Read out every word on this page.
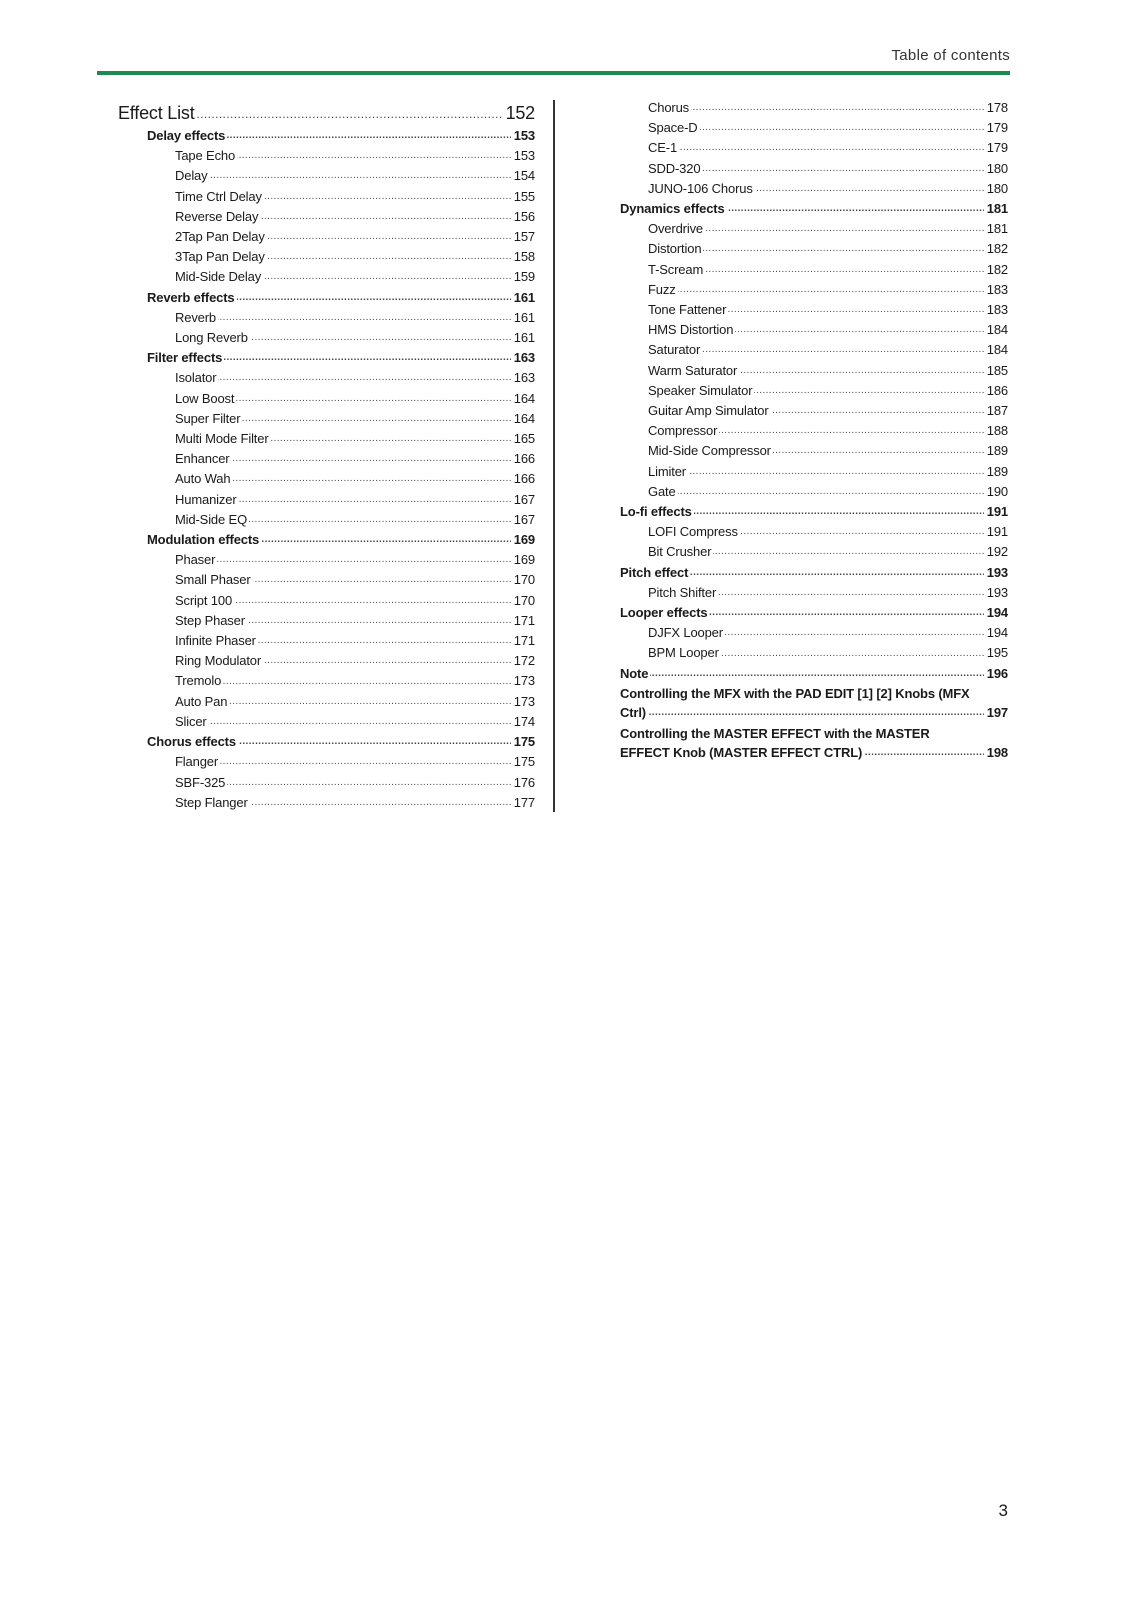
Table of contents
.....
Effect List	152
.....
Delay effects	153
.....
Tape Echo	153
.....
Delay	154
.....
Time Ctrl Delay	155
.....
Reverse Delay	156
.....
2Tap Pan Delay	157
.....
3Tap Pan Delay	158
.....
Mid-Side Delay	159
.....
Reverb effects	161
.....
Reverb	161
.....
Long Reverb	161
.....
Filter effects	163
.....
Isolator	163
.....
Low Boost	164
.....
Super Filter	164
.....
Multi Mode Filter	165
.....
Enhancer	166
.....
Auto Wah	166
.....
Humanizer	167
.....
Mid-Side EQ	167
.....
Modulation effects	169
.....
Phaser	169
.....
Small Phaser	170
.....
Script 100	170
.....
Step Phaser	171
.....
Infinite Phaser	171
.....
Ring Modulator	172
.....
Tremolo	173
.....
Auto Pan	173
.....
Slicer	174
.....
Chorus effects	175
.....
Flanger	175
.....
SBF-325	176
.....
Step Flanger	177
.....
Chorus	178
.....
Space-D	179
.....
CE-1	179
.....
SDD-320	180
.....
JUNO-106 Chorus	180
.....
Dynamics effects	181
.....
Overdrive	181
.....
Distortion	182
.....
T-Scream	182
.....
Fuzz	183
.....
Tone Fattener	183
.....
HMS Distortion	184
.....
Saturator	184
.....
Warm Saturator	185
.....
Speaker Simulator	186
.....
Guitar Amp Simulator	187
.....
Compressor	188
.....
Mid-Side Compressor	189
.....
Limiter	189
.....
Gate	190
.....
Lo-fi effects	191
.....
LOFI Compress	191
.....
Bit Crusher	192
.....
Pitch effect	193
.....
Pitch Shifter	193
.....
Looper effects	194
.....
DJFX Looper	194
.....
BPM Looper	195
.....
Note	196
.....
Controlling the MFX with the PAD EDIT [1] [2] Knobs (MFX Ctrl)	197
.....
Controlling the MASTER EFFECT with the MASTER EFFECT Knob (MASTER EFFECT CTRL)	198
3
